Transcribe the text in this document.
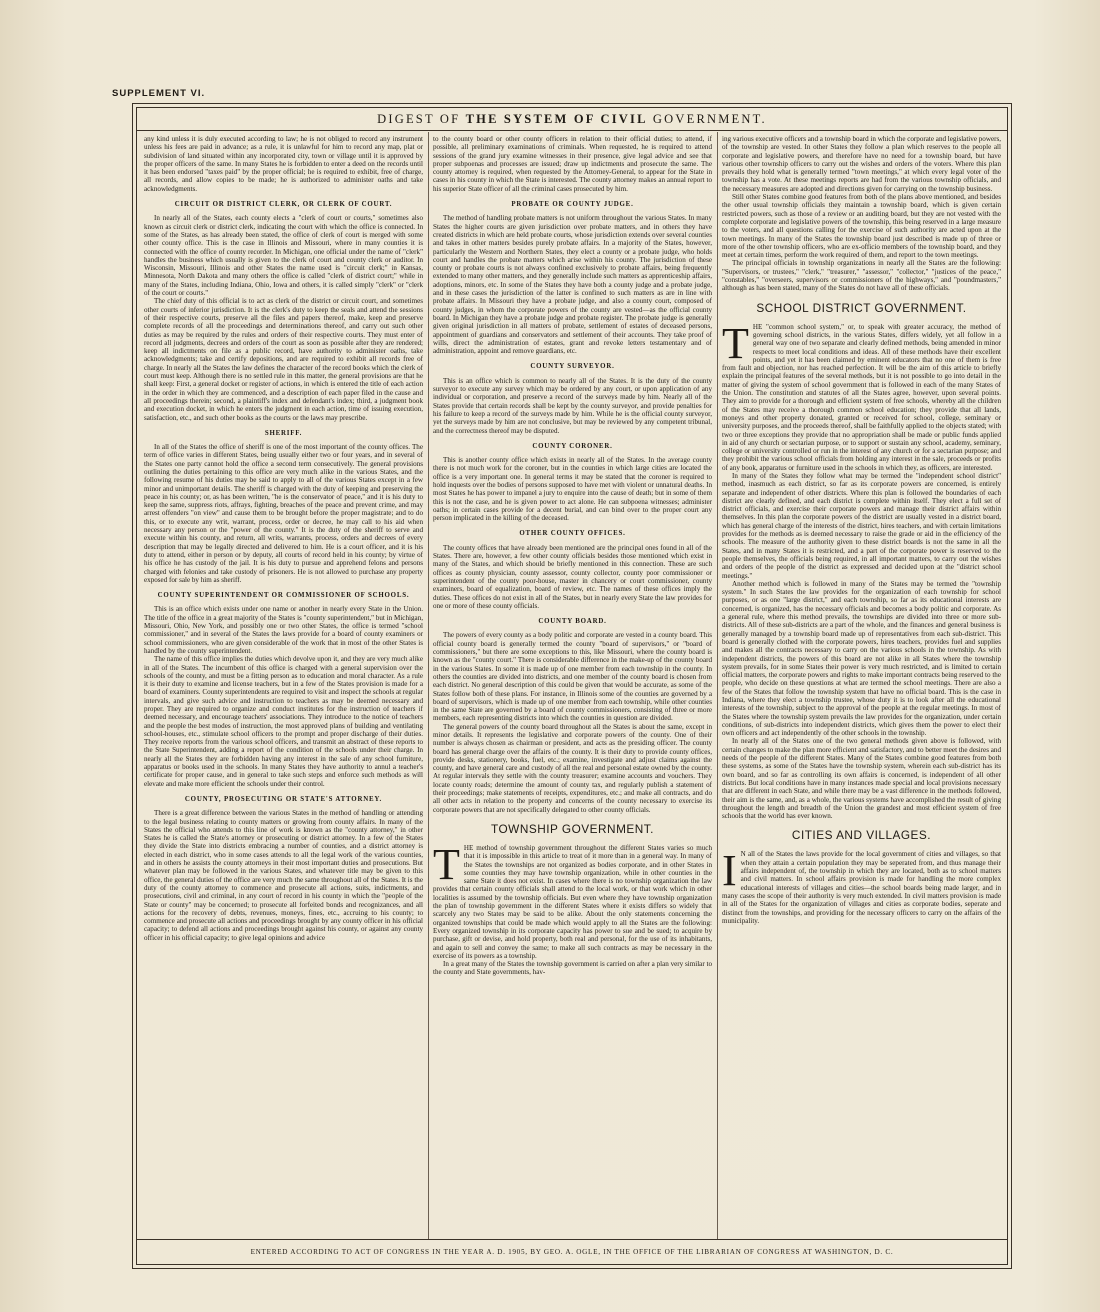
SUPPLEMENT VI.
DIGEST OF THE SYSTEM OF CIVIL GOVERNMENT.

any kind unless it is duly executed according to law; he is not obliged to record any instrument unless his fees are paid in advance; as a rule, it is unlawful for him to record any map, plat or subdivision of land situated within any incorporated city, town or village until it is approved by the proper officers of the same. In many States he is forbidden to enter a deed on the records until it has been endorsed "taxes paid" by the proper official; he is required to exhibit, free of charge, all records, and allow copies to be made; he is authorized to administer oaths and take acknowledgments.

CIRCUIT OR DISTRICT CLERK, OR CLERK OF COURT.

In nearly all of the States, each county elects a "clerk of court or courts," sometimes also known as circuit clerk or district clerk, indicating the court with which the office is connected. In some of the States, as has already been stated, the office of clerk of court is merged with some other county office. This is the case in Illinois and Missouri, where in many counties it is connected with the office of county recorder. In Michigan, one official under the name of "clerk" handles the business which usually is given to the clerk of court and county clerk or auditor. In Wisconsin, Missouri, Illinois and other States the name used is "circuit clerk;" in Kansas, Minnesota, North Dakota and many others the office is called "clerk of district court;" while in many of the States, including Indiana, Ohio, Iowa and others, it is called simply "clerk" or "clerk of the court or courts."

The chief duty of this official is to act as clerk of the district or circuit court, and sometimes other courts of inferior jurisdiction. It is the clerk's duty to keep the seals and attend the sessions of their respective courts, preserve all the files and papers thereof, make, keep and preserve complete records of all the proceedings and determinations thereof, and carry out such other duties as may be required by the rules and orders of their respective courts. They must enter of record all judgments, decrees and orders of the court as soon as possible after they are rendered; keep all indictments on file as a public record, have authority to administer oaths, take acknowledgments; take and certify depositions, and are required to exhibit all records free of charge. In nearly all the States the law defines the character of the record books which the clerk of court must keep. Although there is no settled rule in this matter, the general provisions are that he shall keep: First, a general docket or register of actions, in which is entered the title of each action in the order in which they are commenced, and a description of each paper filed in the cause and all proceedings therein; second, a plaintiff's index and defendant's index; third, a judgment book and execution docket, in which he enters the judgment in each action, time of issuing execution, satisfaction, etc., and such other books as the courts or the laws may prescribe.

SHERIFF.

In all of the States the office of sheriff is one of the most important of the county offices. The term of office varies in different States, being usually either two or four years, and in several of the States one party cannot hold the office a second term consecutively. The general provisions outlining the duties pertaining to this office are very much alike in the various States, and the following resume of his duties may be said to apply to all of the various States except in a few minor and unimportant details. The sheriff is charged with the duty of keeping and preserving the peace in his county; or, as has been written, "he is the conservator of peace," and it is his duty to keep the same, suppress riots, affrays, fighting, breaches of the peace and prevent crime, and may arrest offenders "on view" and cause them to be brought before the proper magistrate; and to do this, or to execute any writ, warrant, process, order or decree, he may call to his aid when necessary any person or the "power of the county." It is the duty of the sheriff to serve and execute within his county, and return, all writs, warrants, process, orders and decrees of every description that may be legally directed and delivered to him. He is a court officer, and it is his duty to attend, either in person or by deputy, all courts of record held in his county; by virtue of his office he has custody of the jail. It is his duty to pursue and apprehend felons and persons charged with felonies and take custody of prisoners. He is not allowed to purchase any property exposed for sale by him as sheriff.

COUNTY SUPERINTENDENT OR COMMISSIONER OF SCHOOLS.

This is an office which exists under one name or another in nearly every State in the Union. The title of the office in a great majority of the States is "county superintendent," but in Michigan, Missouri, Ohio, New York, and possibly one or two other States, the office is termed "school commissioner," and in several of the States the laws provide for a board of county examiners or school commissioners, who are given considerable of the work that in most of the other States is handled by the county superintendent.

The name of this office implies the duties which devolve upon it, and they are very much alike in all of the States. The incumbent of this office is charged with a general supervision over the schools of the county, and must be a fitting person as to education and moral character. As a rule it is their duty to examine and license teachers, but in a few of the States provision is made for a board of examiners. County superintendents are required to visit and inspect the schools at regular intervals, and give such advice and instruction to teachers as may be deemed necessary and proper. They are required to organize and conduct institutes for the instruction of teachers if deemed necessary, and encourage teachers' associations. They introduce to the notice of teachers and the people the best modes of instruction, the most approved plans of building and ventilating school-houses, etc., stimulate school officers to the prompt and proper discharge of their duties. They receive reports from the various school officers, and transmit an abstract of these reports to the State Superintendent, adding a report of the condition of the schools under their charge. In nearly all the States they are forbidden having any interest in the sale of any school furniture, apparatus or books used in the schools. In many States they have authority to annul a teacher's certificate for proper cause, and in general to take such steps and enforce such methods as will elevate and make more efficient the schools under their control.

COUNTY, PROSECUTING OR STATE'S ATTORNEY.

There is a great difference between the various States in the method of handling or attending to the legal business relating to county matters or growing from county affairs. In many of the States the official who attends to this line of work is known as the "county attorney," in other States he is called the State's attorney or prosecuting or district attorney. In a few of the States they divide the State into districts embracing a number of counties, and a district attorney is elected in each district, who in some cases attends to all the legal work of the various counties, and in others he assists the county attorneys in their most important duties and prosecutions. But whatever plan may be followed in the various States, and whatever title may be given to this office, the general duties of the office are very much the same throughout all of the States. It is the duty of the county attorney to commence and prosecute all actions, suits, indictments, and prosecutions, civil and criminal, in any court of record in his county in which the "people of the State or county" may be concerned; to prosecute all forfeited bonds and recognizances, and all actions for the recovery of debts, revenues, moneys, fines, etc., accruing to his county; to commence and prosecute all actions and proceedings brought by any county officer in his official capacity; to defend all actions and proceedings brought against his county, or against any county officer in his official capacity; to give legal opinions and advice

to the county board or other county officers in relation to their official duties; to attend, if possible, all preliminary examinations of criminals. When requested, he is required to attend sessions of the grand jury examine witnesses in their presence, give legal advice and see that proper subpoenas and processes are issued; draw up indictments and prosecute the same. The county attorney is required, when requested by the Attorney-General, to appear for the State in cases in his county in which the State is interested. The county attorney makes an annual report to his superior State officer of all the criminal cases prosecuted by him.

PROBATE OR COUNTY JUDGE.

The method of handling probate matters is not uniform throughout the various States. In many States the higher courts are given jurisdiction over probate matters, and in others they have created districts in which are held probate courts, whose jurisdiction extends over several counties and takes in other matters besides purely probate affairs. In a majority of the States, however, particularly the Western and Northern States, they elect a county or a probate judge, who holds court and handles the probate matters which arise within his county. The jurisdiction of these county or probate courts is not always confined exclusively to probate affairs, being frequently extended to many other matters, and they generally include such matters as apprenticeship affairs, adoptions, minors, etc. In some of the States they have both a county judge and a probate judge, and in these cases the jurisdiction of the latter is confined to such matters as are in line with probate affairs. In Missouri they have a probate judge, and also a county court, composed of county judges, in whom the corporate powers of the county are vested—as the official county board. In Michigan they have a probate judge and probate register. The probate judge is generally given original jurisdiction in all matters of probate, settlement of estates of deceased persons, appointment of guardians and conservators and settlement of their accounts. They take proof of wills, direct the administration of estates, grant and revoke letters testamentary and of administration, appoint and remove guardians, etc.

COUNTY SURVEYOR.

This is an office which is common to nearly all of the States. It is the duty of the county surveyor to execute any survey which may be ordered by any court, or upon application of any individual or corporation, and preserve a record of the surveys made by him. Nearly all of the States provide that certain records shall be kept by the county surveyor, and provide penalties for his failure to keep a record of the surveys made by him. While he is the official county surveyor, yet the surveys made by him are not conclusive, but may be reviewed by any competent tribunal, and the correctness thereof may be disputed.

COUNTY CORONER.

This is another county office which exists in nearly all of the States. In the average county there is not much work for the coroner, but in the counties in which large cities are located the office is a very important one. In general terms it may be stated that the coroner is required to hold inquests over the bodies of persons supposed to have met with violent or unnatural deaths. In most States he has power to impanel a jury to enquire into the cause of death; but in some of them this is not the case, and he is given power to act alone. He can subpoena witnesses; administer oaths; in certain cases provide for a decent burial, and can bind over to the proper court any person implicated in the killing of the deceased.

OTHER COUNTY OFFICES.

The county offices that have already been mentioned are the principal ones found in all of the States. There are, however, a few other county officials besides those mentioned which exist in many of the States, and which should be briefly mentioned in this connection. These are such offices as county physician, county assessor, county collector, county poor commissioner or superintendent of the county poor-house, master in chancery or court commissioner, county examiners, board of equalization, board of review, etc. The names of these offices imply the duties. These offices do not exist in all of the States, but in nearly every State the law provides for one or more of these county officials.

COUNTY BOARD.

The powers of every county as a body politic and corporate are vested in a county board. This official county board is generally termed the county "board of supervisors," or "board of commissioners," but there are some exceptions to this, like Missouri, where the county board is known as the "county court." There is considerable difference in the make-up of the county board in the various States. In some it is made up of one member from each township in the county. In others the counties are divided into districts, and one member of the county board is chosen from each district. No general description of this could be given that would be accurate, as some of the States follow both of these plans. For instance, in Illinois some of the counties are governed by a board of supervisors, which is made up of one member from each township, while other counties in the same State are governed by a board of county commissioners, consisting of three or more members, each representing districts into which the counties in question are divided.

The general powers of the county board throughout all the States is about the same, except in minor details. It represents the legislative and corporate powers of the county. One of their number is always chosen as chairman or president, and acts as the presiding officer. The county board has general charge over the affairs of the county. It is their duty to provide county offices, provide desks, stationery, books, fuel, etc.; examine, investigate and adjust claims against the county, and have general care and custody of all the real and personal estate owned by the county. At regular intervals they settle with the county treasurer; examine accounts and vouchers. They locate county roads; determine the amount of county tax, and regularly publish a statement of their proceedings; make statements of receipts, expenditures, etc.; and make all contracts, and do all other acts in relation to the property and concerns of the county necessary to exercise its corporate powers that are not specifically delegated to other county officials.

TOWNSHIP GOVERNMENT.

THE method of township government throughout the different States varies so much that it is impossible in this article to treat of it more than in a general way. In many of the States the townships are not organized as bodies corporate, and in other States in some counties they may have township organization, while in other counties in the same State it does not exist. In cases where there is no township organization the law provides that certain county officials shall attend to the local work, or that work which in other localities is assumed by the township officials. But even where they have township organization the plan of township government in the different States where it exists differs so widely that scarcely any two States may be said to be alike. About the only statements concerning the organized townships that could be made which would apply to all the States are the following: Every organized township in its corporate capacity has power to sue and be sued; to acquire by purchase, gift or devise, and hold property, both real and personal, for the use of its inhabitants, and again to sell and convey the same; to make all such contracts as may be necessary in the exercise of its powers as a township.

In a great many of the States the township government is carried on after a plan very similar to the county and State governments, hav-

ing various executive officers and a township board in which the corporate and legislative powers, of the township are vested. In other States they follow a plan which reserves to the people all corporate and legislative powers, and therefore have no need for a township board, but have various other township officers to carry out the wishes and orders of the voters. Where this plan prevails they hold what is generally termed "town meetings," at which every legal voter of the township has a vote. At these meetings reports are had from the various township officials, and the necessary measures are adopted and directions given for carrying on the township business.

Still other States combine good features from both of the plans above mentioned, and besides the other usual township officials they maintain a township board, which is given certain restricted powers, such as those of a review or an auditing board, but they are not vested with the complete corporate and legislative powers of the township, this being reserved in a large measure to the voters, and all questions calling for the exercise of such authority are acted upon at the town meetings. In many of the States the township board just described is made up of three or more of the other township officers, who are ex-officio members of the township board, and they meet at certain times, perform the work required of them, and report to the town meetings.

The principal officials in township organizations in nearly all the States are the following: "Supervisors, or trustees," "clerk," "treasurer," "assessor," "collector," "justices of the peace," "constables," "overseers, supervisors or commissioners of the highways," and "poundmasters," although as has been stated, many of the States do not have all of these officials.

SCHOOL DISTRICT GOVERNMENT.

THE "common school system," or, to speak with greater accuracy, the method of governing school districts, in the various States, differs widely, yet all follow in a general way one of two separate and clearly defined methods, being amended in minor respects to meet local conditions and ideas. All of these methods have their excellent points, and yet it has been claimed by eminent educators that no one of them is free from fault and objection, nor has reached perfection. It will be the aim of this article to briefly explain the principal features of the several methods, but it is not possible to go into detail in the matter of giving the system of school government that is followed in each of the many States of the Union. The constitution and statutes of all the States agree, however, upon several points. They aim to provide for a thorough and efficient system of free schools, whereby all the children of the States may receive a thorough common school education; they provide that all lands, moneys and other property donated, granted or received for school, college, seminary or university purposes, and the proceeds thereof, shall be faithfully applied to the objects stated; with two or three exceptions they provide that no appropriation shall be made or public funds applied in aid of any church or sectarian purpose, or to support or sustain any school, academy, seminary, college or university controlled or run in the interest of any church or for a sectarian purpose; and they prohibit the various school officials from holding any interest in the sale, proceeds or profits of any book, apparatus or furniture used in the schools in which they, as officers, are interested.

In many of the States they follow what may be termed the "independent school district" method, inasmuch as each district, so far as its corporate powers are concerned, is entirely separate and independent of other districts. Where this plan is followed the boundaries of each district are clearly defined, and each district is complete within itself. They elect a full set of district officials, and exercise their corporate powers and manage their district affairs within themselves. In this plan the corporate powers of the district are usually vested in a district board, which has general charge of the interests of the district, hires teachers, and with certain limitations provides for the methods as is deemed necessary to raise the grade or aid in the efficiency of the schools. The measure of the authority given to these district boards is not the same in all the States, and in many States it is restricted, and a part of the corporate power is reserved to the people themselves, the officials being required, in all important matters, to carry out the wishes and orders of the people of the district as expressed and decided upon at the "district school meetings."

Another method which is followed in many of the States may be termed the "township system." In such States the law provides for the organization of each township for school purposes, or as one "large district," and each township, so far as its educational interests are concerned, is organized, has the necessary officials and becomes a body politic and corporate. As a general rule, where this method prevails, the townships are divided into three or more sub-districts. All of these sub-districts are a part of the whole, and the finances and general business is generally managed by a township board made up of representatives from each sub-district. This board is generally clothed with the corporate powers, hires teachers, provides fuel and supplies and makes all the contracts necessary to carry on the various schools in the township. As with independent districts, the powers of this board are not alike in all States where the township system prevails, for in some States their power is very much restricted, and is limited to certain official matters, the corporate powers and rights to make important contracts being reserved to the people, who decide on these questions at what are termed the school meetings. There are also a few of the States that follow the township system that have no official board. This is the case in Indiana, where they elect a township trustee, whose duty it is to look after all the educational interests of the township, subject to the approval of the people at the regular meetings. In most of the States where the township system prevails the law provides for the organization, under certain conditions, of sub-districts into independent districts, which gives them the power to elect their own officers and act independently of the other schools in the township.

In nearly all of the States one of the two general methods given above is followed, with certain changes to make the plan more efficient and satisfactory, and to better meet the desires and needs of the people of the different States. Many of the States combine good features from both these systems, as some of the States have the township system, wherein each sub-district has its own board, and so far as controlling its own affairs is concerned, is independent of all other districts. But local conditions have in many instances made special and local provisions necessary that are different in each State, and while there may be a vast difference in the methods followed, their aim is the same, and, as a whole, the various systems have accomplished the result of giving throughout the length and breadth of the Union the grandest and most efficient system of free schools that the world has ever known.

CITIES AND VILLAGES.

I N all of the States the laws provide for the local government of cities and villages, so that when they attain a certain population they may be seperated from, and thus manage their affairs independent of, the township in which they are located, both as to school matters and civil matters. In school affairs provision is made for handling the more complex educational interests of villages and cities—the school boards being made larger, and in many cases the scope of their authority is very much extended. In civil matters provision is made in all of the States for the organization of villages and cities as corporate bodies, seperate and distinct from the townships, and providing for the necessary officers to carry on the affairs of the municipality.

ENTERED ACCORDING TO ACT OF CONGRESS IN THE YEAR A. D. 1905, BY GEO. A. OGLE, IN THE OFFICE OF THE LIBRARIAN OF CONGRESS AT WASHINGTON, D. C.
